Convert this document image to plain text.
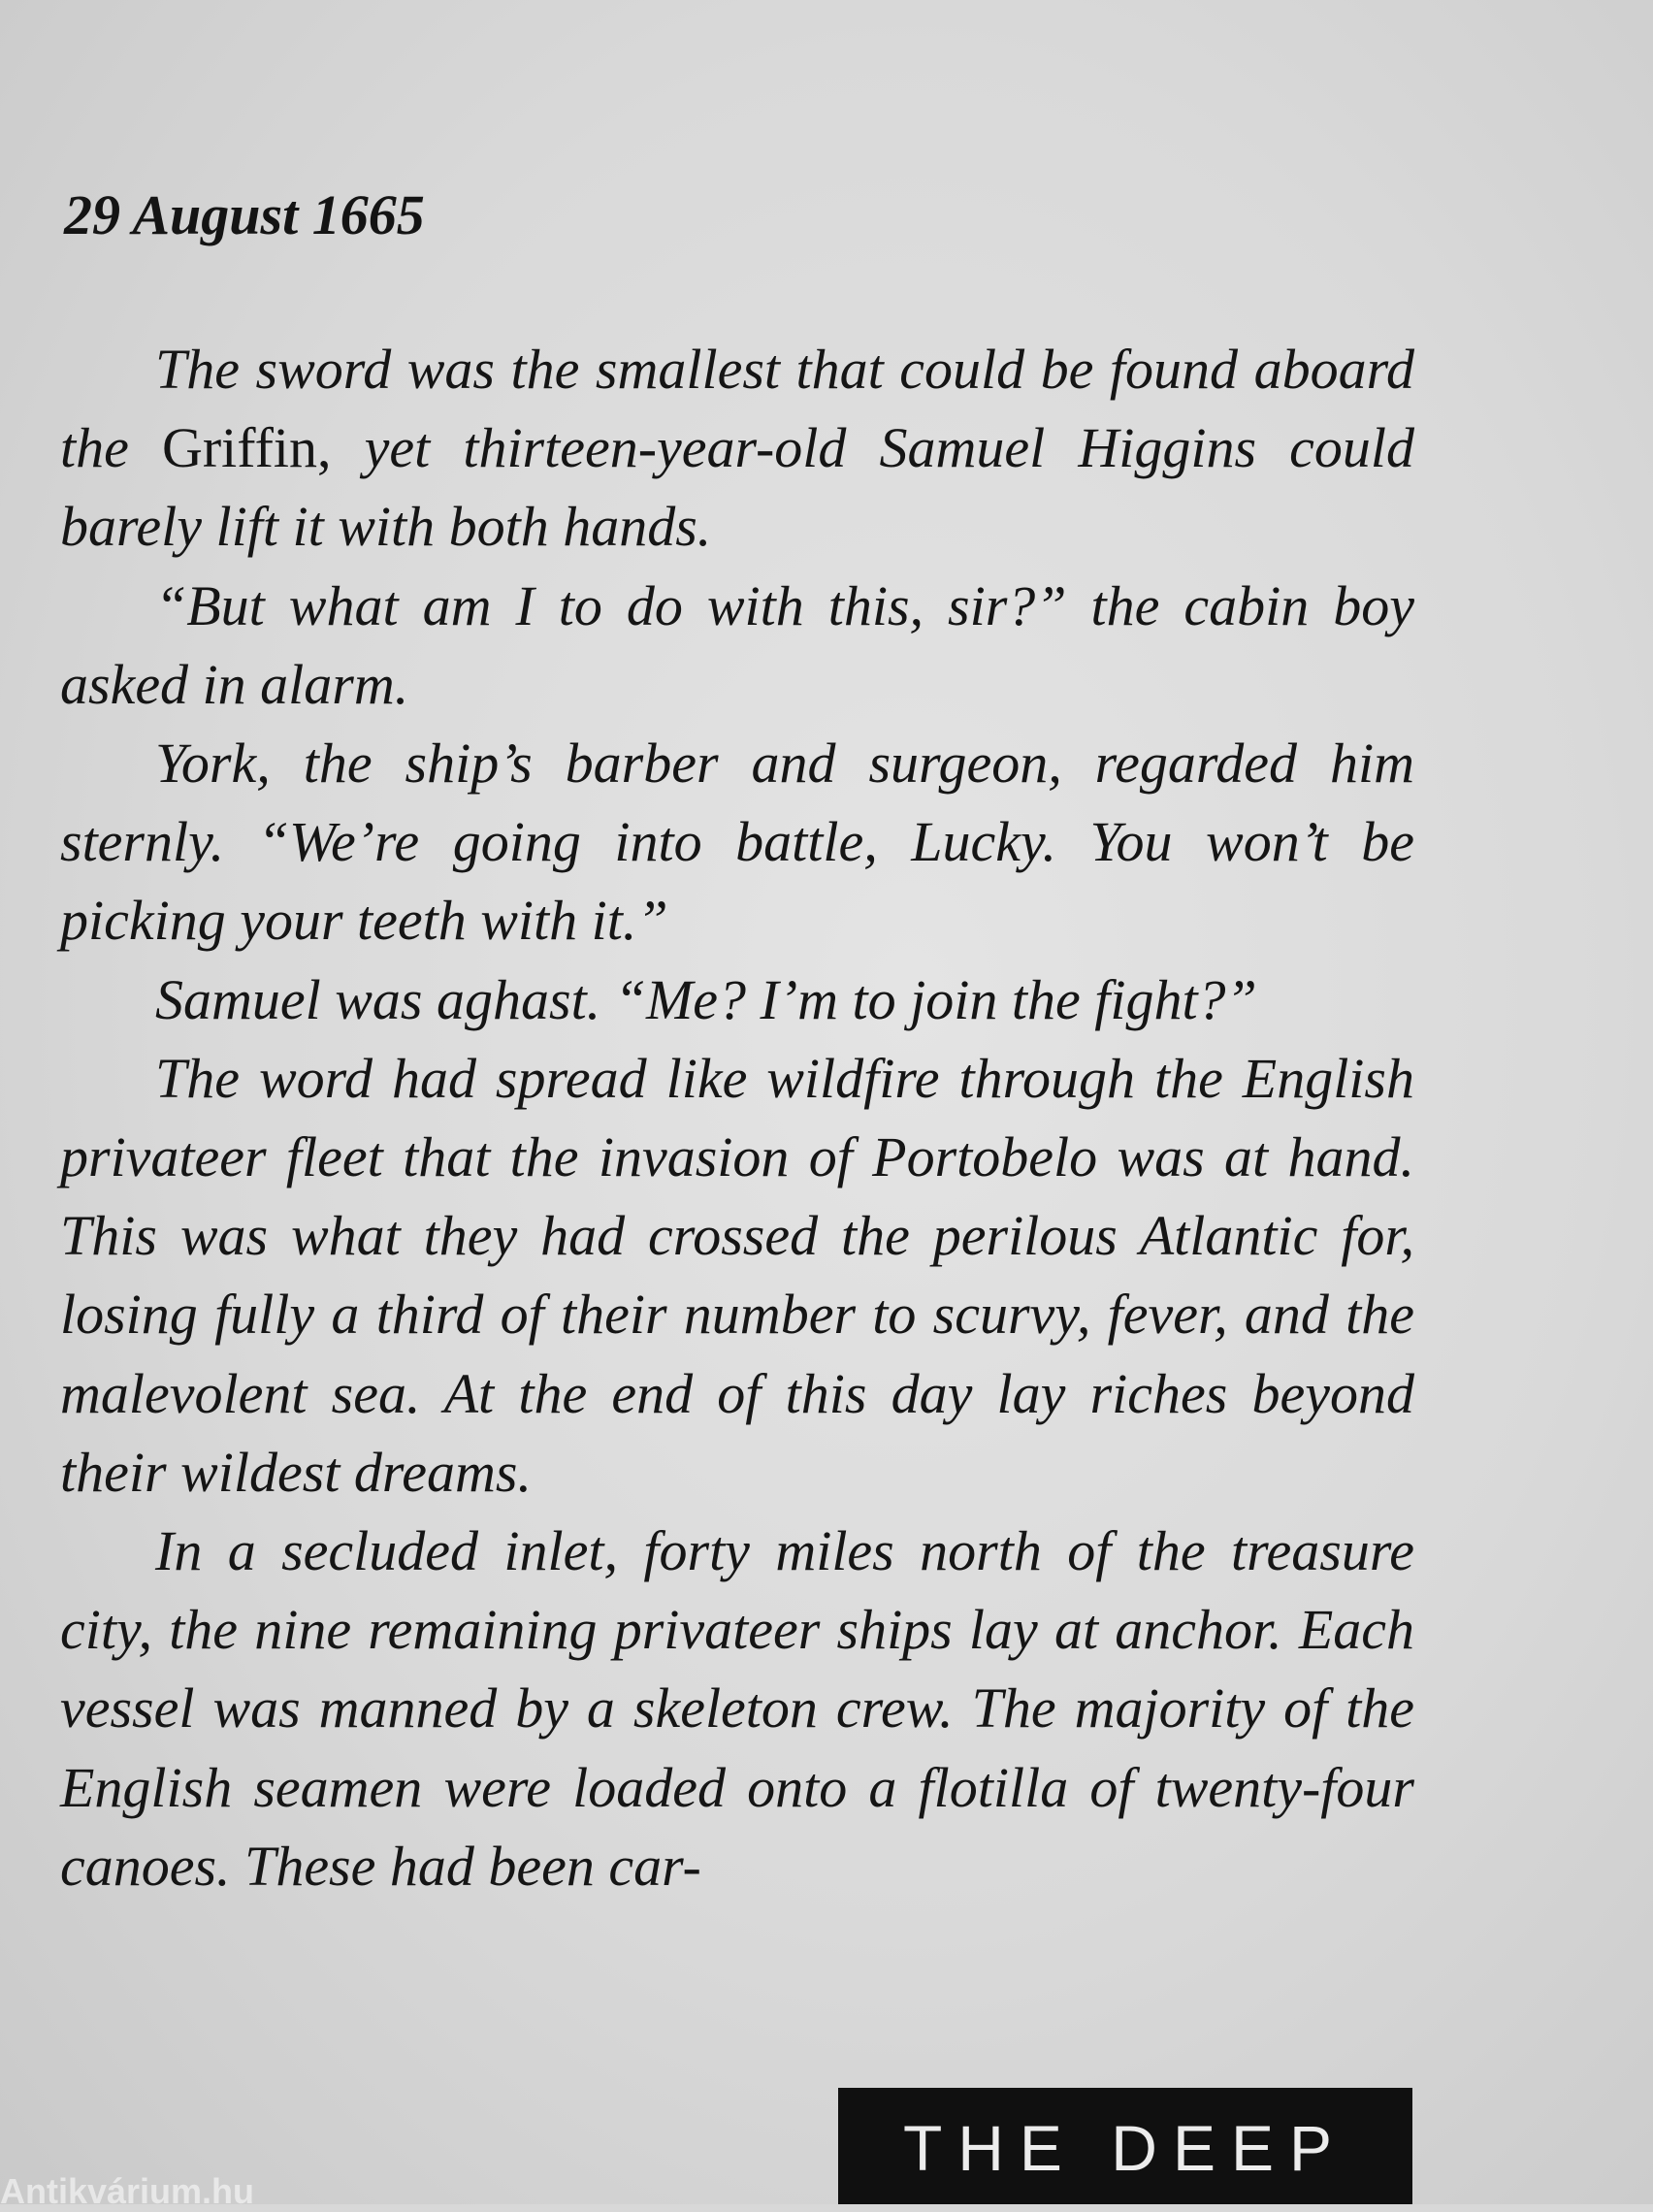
29 August 1665

The sword was the smallest that could be found aboard the Griffin, yet thirteen-year-old Samuel Higgins could barely lift it with both hands.

“But what am I to do with this, sir?” the cabin boy asked in alarm.

York, the ship’s barber and surgeon, regarded him sternly. “We’re going into battle, Lucky. You won’t be picking your teeth with it.”

Samuel was aghast. “Me? I’m to join the fight?”

The word had spread like wildfire through the English privateer fleet that the invasion of Portobelo was at hand. This was what they had crossed the perilous Atlantic for, losing fully a third of their number to scurvy, fever, and the malevolent sea. At the end of this day lay riches beyond their wildest dreams.

In a secluded inlet, forty miles north of the treasure city, the nine remaining privateer ships lay at anchor. Each vessel was manned by a skeleton crew. The majority of the English seamen were loaded onto a flotilla of twenty-four canoes. These had been car-

THE DEEP
Antikvárium.hu
